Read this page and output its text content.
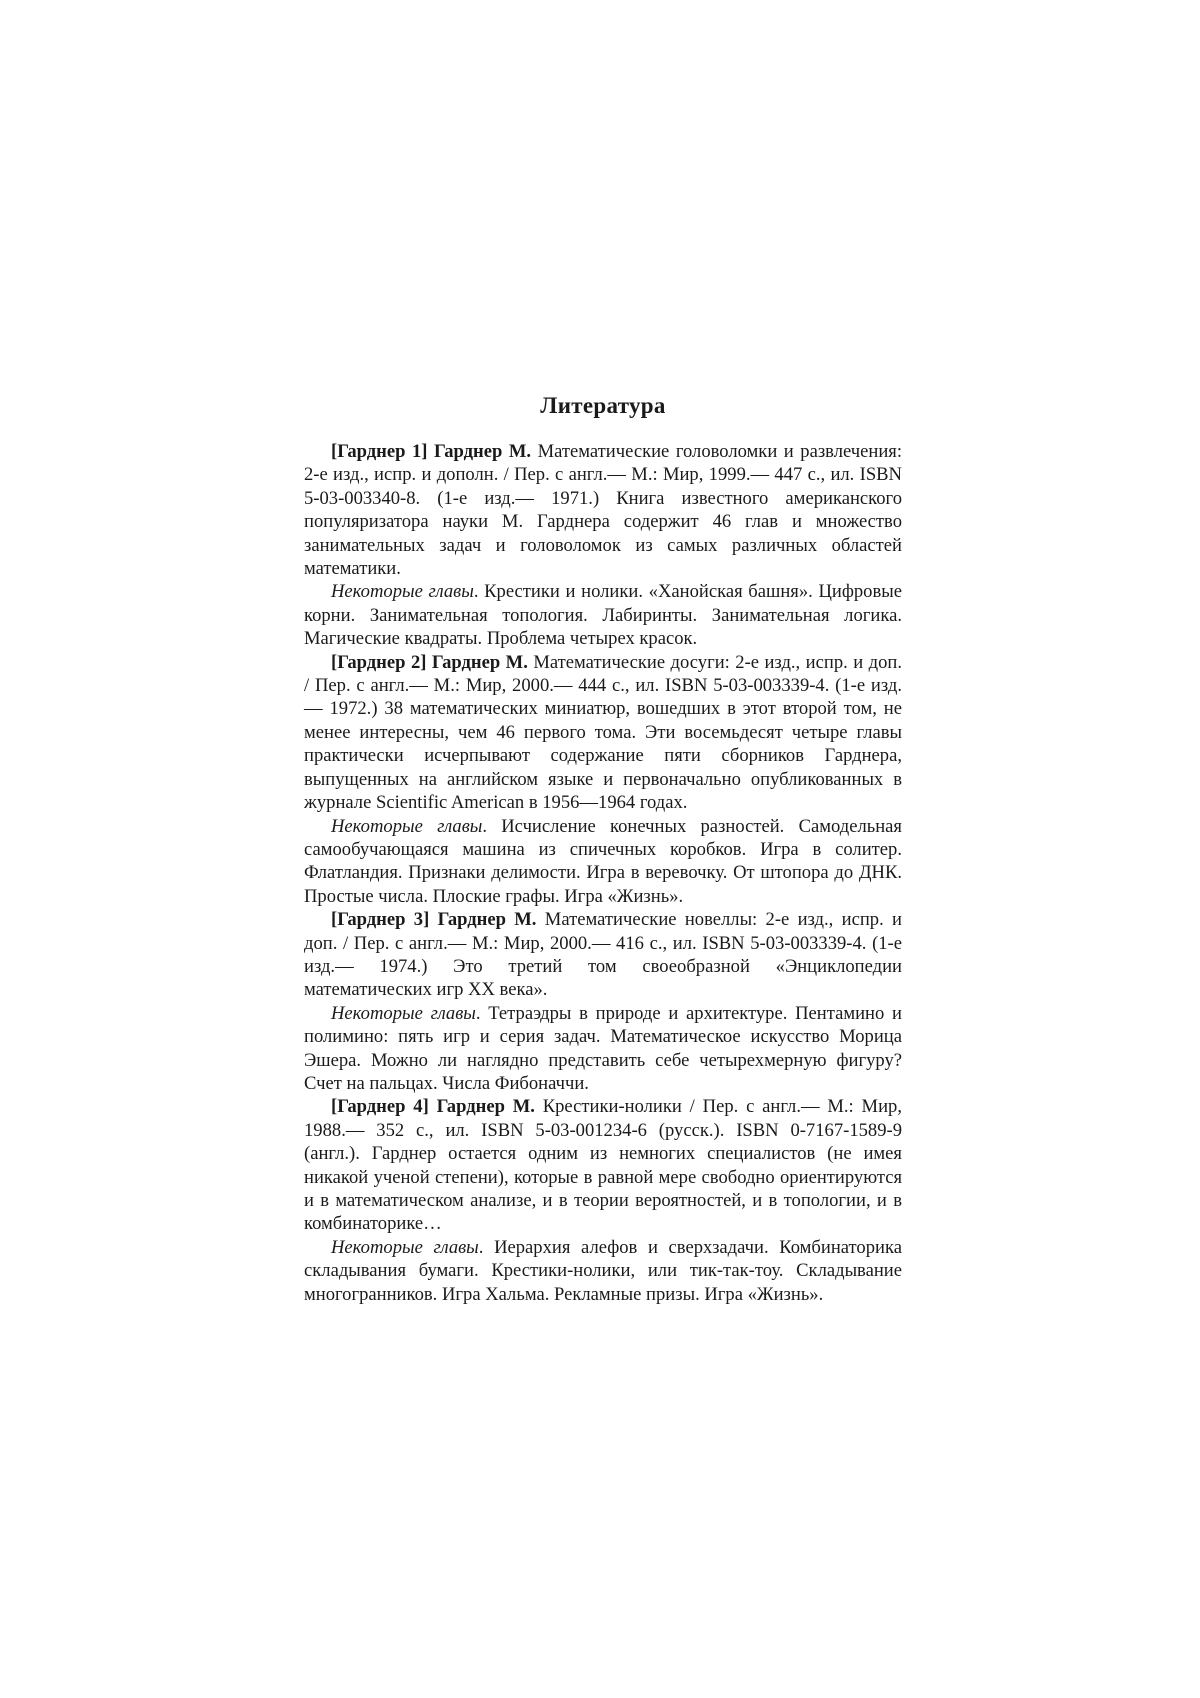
Литература

[Гарднер 1] Гарднер М. Математические головоломки и развлечения: 2-е изд., испр. и дополн. / Пер. с англ.— М.: Мир, 1999.— 447 с., ил. ISBN 5-03-003340-8. (1-е изд.— 1971.) Книга известного американского популяризатора науки М. Гарднера содержит 46 глав и множество занимательных задач и головоломок из самых различных областей математики.

Некоторые главы. Крестики и нолики. «Ханойская башня». Цифровые корни. Занимательная топология. Лабиринты. Занимательная логика. Магические квадраты. Проблема четырех красок.

[Гарднер 2] Гарднер М. Математические досуги: 2-е изд., испр. и доп. / Пер. с англ.— М.: Мир, 2000.— 444 с., ил. ISBN 5-03-003339-4. (1-е изд.— 1972.) 38 математических миниатюр, вошедших в этот второй том, не менее интересны, чем 46 первого тома. Эти восемьдесят четыре главы практически исчерпывают содержание пяти сборников Гарднера, выпущенных на английском языке и первоначально опубликованных в журнале Scientific American в 1956—1964 годах.

Некоторые главы. Исчисление конечных разностей. Самодельная самообучающаяся машина из спичечных коробков. Игра в солитер. Флатландия. Признаки делимости. Игра в веревочку. От штопора до ДНК. Простые числа. Плоские графы. Игра «Жизнь».

[Гарднер 3] Гарднер М. Математические новеллы: 2-е изд., испр. и доп. / Пер. с англ.— М.: Мир, 2000.— 416 с., ил. ISBN 5-03-003339-4. (1-е изд.— 1974.) Это третий том своеобразной «Энциклопедии математических игр XX века».

Некоторые главы. Тетраэдры в природе и архитектуре. Пентамино и полимино: пять игр и серия задач. Математическое искусство Морица Эшера. Можно ли наглядно представить себе четырехмерную фигуру? Счет на пальцах. Числа Фибоначчи.

[Гарднер 4] Гарднер М. Крестики-нолики / Пер. с англ.— М.: Мир, 1988.— 352 с., ил. ISBN 5-03-001234-6 (русск.). ISBN 0-7167-1589-9 (англ.). Гарднер остается одним из немногих специалистов (не имея никакой ученой степени), которые в равной мере свободно ориентируются и в математическом анализе, и в теории вероятностей, и в топологии, и в комбинаторике…

Некоторые главы. Иерархия алефов и сверхзадачи. Комбинаторика складывания бумаги. Крестики-нолики, или тик-так-тоу. Складывание многогранников. Игра Хальма. Рекламные призы. Игра «Жизнь».
